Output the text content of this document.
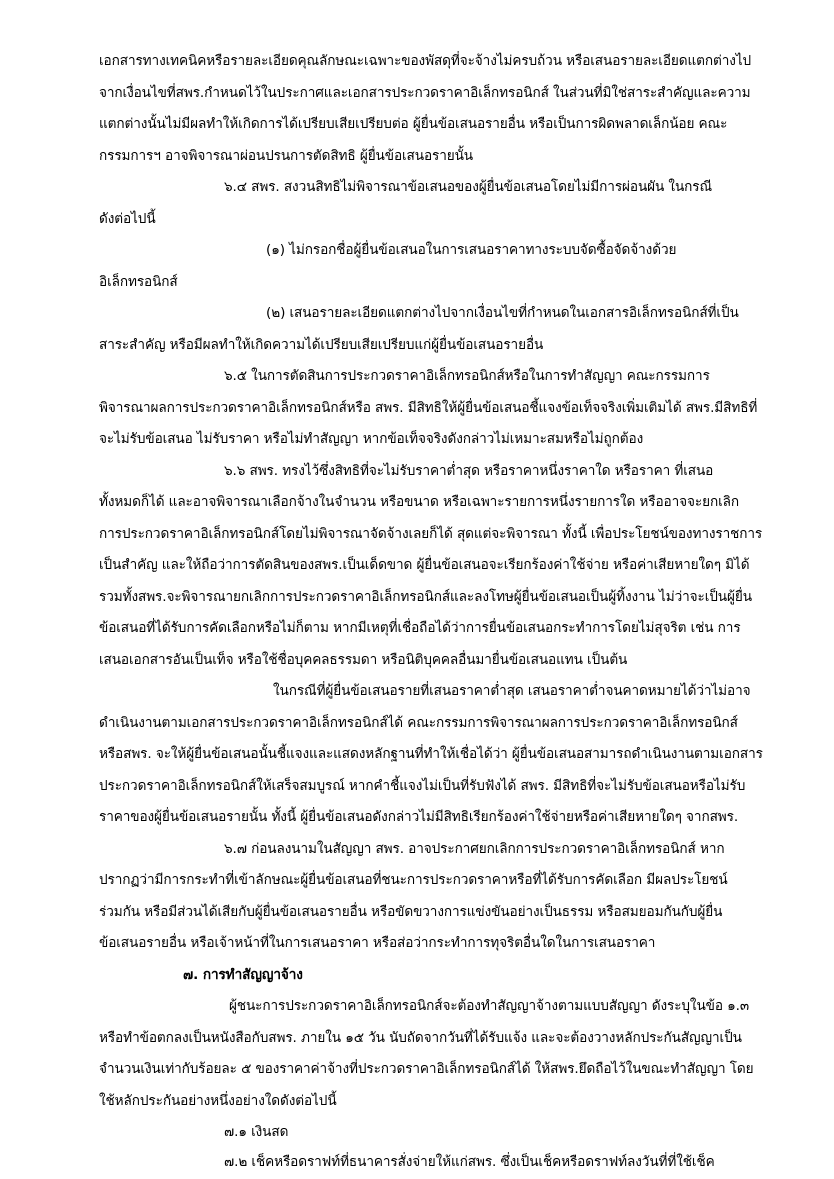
เอกสารทางเทคนิคหรือรายละเอียดคุณลักษณะเฉพาะของพัสดุที่จะจ้างไม่ครบถ้วน หรือเสนอรายละเอียดแตกต่างไป
จากเงื่อนไขที่สพร.กำหนดไว้ในประกาศและเอกสารประกวดราคาอิเล็กทรอนิกส์ ในส่วนที่มิใช่สาระสำคัญและความ
แตกต่างนั้นไม่มีผลทำให้เกิดการได้เปรียบเสียเปรียบต่อ ผู้ยื่นข้อเสนอรายอื่น หรือเป็นการผิดพลาดเล็กน้อย คณะ
กรรมการฯ อาจพิจารณาผ่อนปรนการตัดสิทธิ ผู้ยื่นข้อเสนอรายนั้น
๖.๔ สพร. สงวนสิทธิไม่พิจารณาข้อเสนอของผู้ยื่นข้อเสนอโดยไม่มีการผ่อนผัน ในกรณี
ดังต่อไปนี้
(๑) ไม่กรอกชื่อผู้ยื่นข้อเสนอในการเสนอราคาทางระบบจัดซื้อจัดจ้างด้วย
อิเล็กทรอนิกส์
(๒) เสนอรายละเอียดแตกต่างไปจากเงื่อนไขที่กำหนดในเอกสารอิเล็กทรอนิกส์ที่เป็น
สาระสำคัญ หรือมีผลทำให้เกิดความได้เปรียบเสียเปรียบแก่ผู้ยื่นข้อเสนอรายอื่น
๖.๕ ในการตัดสินการประกวดราคาอิเล็กทรอนิกส์หรือในการทำสัญญา คณะกรรมการ
พิจารณาผลการประกวดราคาอิเล็กทรอนิกส์หรือ สพร. มีสิทธิให้ผู้ยื่นข้อเสนอชี้แจงข้อเท็จจริงเพิ่มเติมได้ สพร.มีสิทธิที่
จะไม่รับข้อเสนอ ไม่รับราคา หรือไม่ทำสัญญา หากข้อเท็จจริงดังกล่าวไม่เหมาะสมหรือไม่ถูกต้อง
๖.๖ สพร. ทรงไว้ซึ่งสิทธิที่จะไม่รับราคาต่ำสุด หรือราคาหนึ่งราคาใด หรือราคา ที่เสนอ
ทั้งหมดก็ได้ และอาจพิจารณาเลือกจ้างในจำนวน หรือขนาด หรือเฉพาะรายการหนึ่งรายการใด หรืออาจจะยกเลิก
การประกวดราคาอิเล็กทรอนิกส์โดยไม่พิจารณาจัดจ้างเลยก็ได้ สุดแต่จะพิจารณา ทั้งนี้ เพื่อประโยชน์ของทางราชการ
เป็นสำคัญ และให้ถือว่าการตัดสินของสพร.เป็นเด็ดขาด ผู้ยื่นข้อเสนอจะเรียกร้องค่าใช้จ่าย หรือค่าเสียหายใดๆ มิได้
รวมทั้งสพร.จะพิจารณายกเลิกการประกวดราคาอิเล็กทรอนิกส์และลงโทษผู้ยื่นข้อเสนอเป็นผู้ทิ้งงาน ไม่ว่าจะเป็นผู้ยื่น
ข้อเสนอที่ได้รับการคัดเลือกหรือไม่ก็ตาม หากมีเหตุที่เชื่อถือได้ว่าการยื่นข้อเสนอกระทำการโดยไม่สุจริต เช่น การ
เสนอเอกสารอันเป็นเท็จ หรือใช้ชื่อบุคคลธรรมดา หรือนิติบุคคลอื่นมายื่นข้อเสนอแทน เป็นต้น
ในกรณีที่ผู้ยื่นข้อเสนอรายที่เสนอราคาต่ำสุด เสนอราคาต่ำจนคาดหมายได้ว่าไม่อาจ
ดำเนินงานตามเอกสารประกวดราคาอิเล็กทรอนิกส์ได้ คณะกรรมการพิจารณาผลการประกวดราคาอิเล็กทรอนิกส์
หรือสพร. จะให้ผู้ยื่นข้อเสนอนั้นชี้แจงและแสดงหลักฐานที่ทำให้เชื่อได้ว่า ผู้ยื่นข้อเสนอสามารถดำเนินงานตามเอกสาร
ประกวดราคาอิเล็กทรอนิกส์ให้เสร็จสมบูรณ์ หากคำชี้แจงไม่เป็นที่รับฟังได้ สพร. มีสิทธิที่จะไม่รับข้อเสนอหรือไม่รับ
ราคาของผู้ยื่นข้อเสนอรายนั้น ทั้งนี้ ผู้ยื่นข้อเสนอดังกล่าวไม่มีสิทธิเรียกร้องค่าใช้จ่ายหรือค่าเสียหายใดๆ จากสพร.
๖.๗ ก่อนลงนามในสัญญา สพร. อาจประกาศยกเลิกการประกวดราคาอิเล็กทรอนิกส์ หาก
ปรากฏว่ามีการกระทำที่เข้าลักษณะผู้ยื่นข้อเสนอที่ชนะการประกวดราคาหรือที่ได้รับการคัดเลือก มีผลประโยชน์
ร่วมกัน หรือมีส่วนได้เสียกับผู้ยื่นข้อเสนอรายอื่น หรือขัดขวางการแข่งขันอย่างเป็นธรรม หรือสมยอมกันกับผู้ยื่น
ข้อเสนอรายอื่น หรือเจ้าหน้าที่ในการเสนอราคา หรือส่อว่ากระทำการทุจริตอื่นใดในการเสนอราคา
๗. การทำสัญญาจ้าง
ผู้ชนะการประกวดราคาอิเล็กทรอนิกส์จะต้องทำสัญญาจ้างตามแบบสัญญา ดังระบุในข้อ ๑.๓
หรือทำข้อตกลงเป็นหนังสือกับสพร. ภายใน ๑๕ วัน นับถัดจากวันที่ได้รับแจ้ง และจะต้องวางหลักประกันสัญญาเป็น
จำนวนเงินเท่ากับร้อยละ ๕ ของราคาค่าจ้างที่ประกวดราคาอิเล็กทรอนิกส์ได้ ให้สพร.ยึดถือไว้ในขณะทำสัญญา โดย
ใช้หลักประกันอย่างหนึ่งอย่างใดดังต่อไปนี้
๗.๑ เงินสด
๗.๒ เช็คหรือดราฟท์ที่ธนาคารสั่งจ่ายให้แก่สพร. ซึ่งเป็นเช็คหรือดราฟท์ลงวันที่ที่ใช้เช็ค
